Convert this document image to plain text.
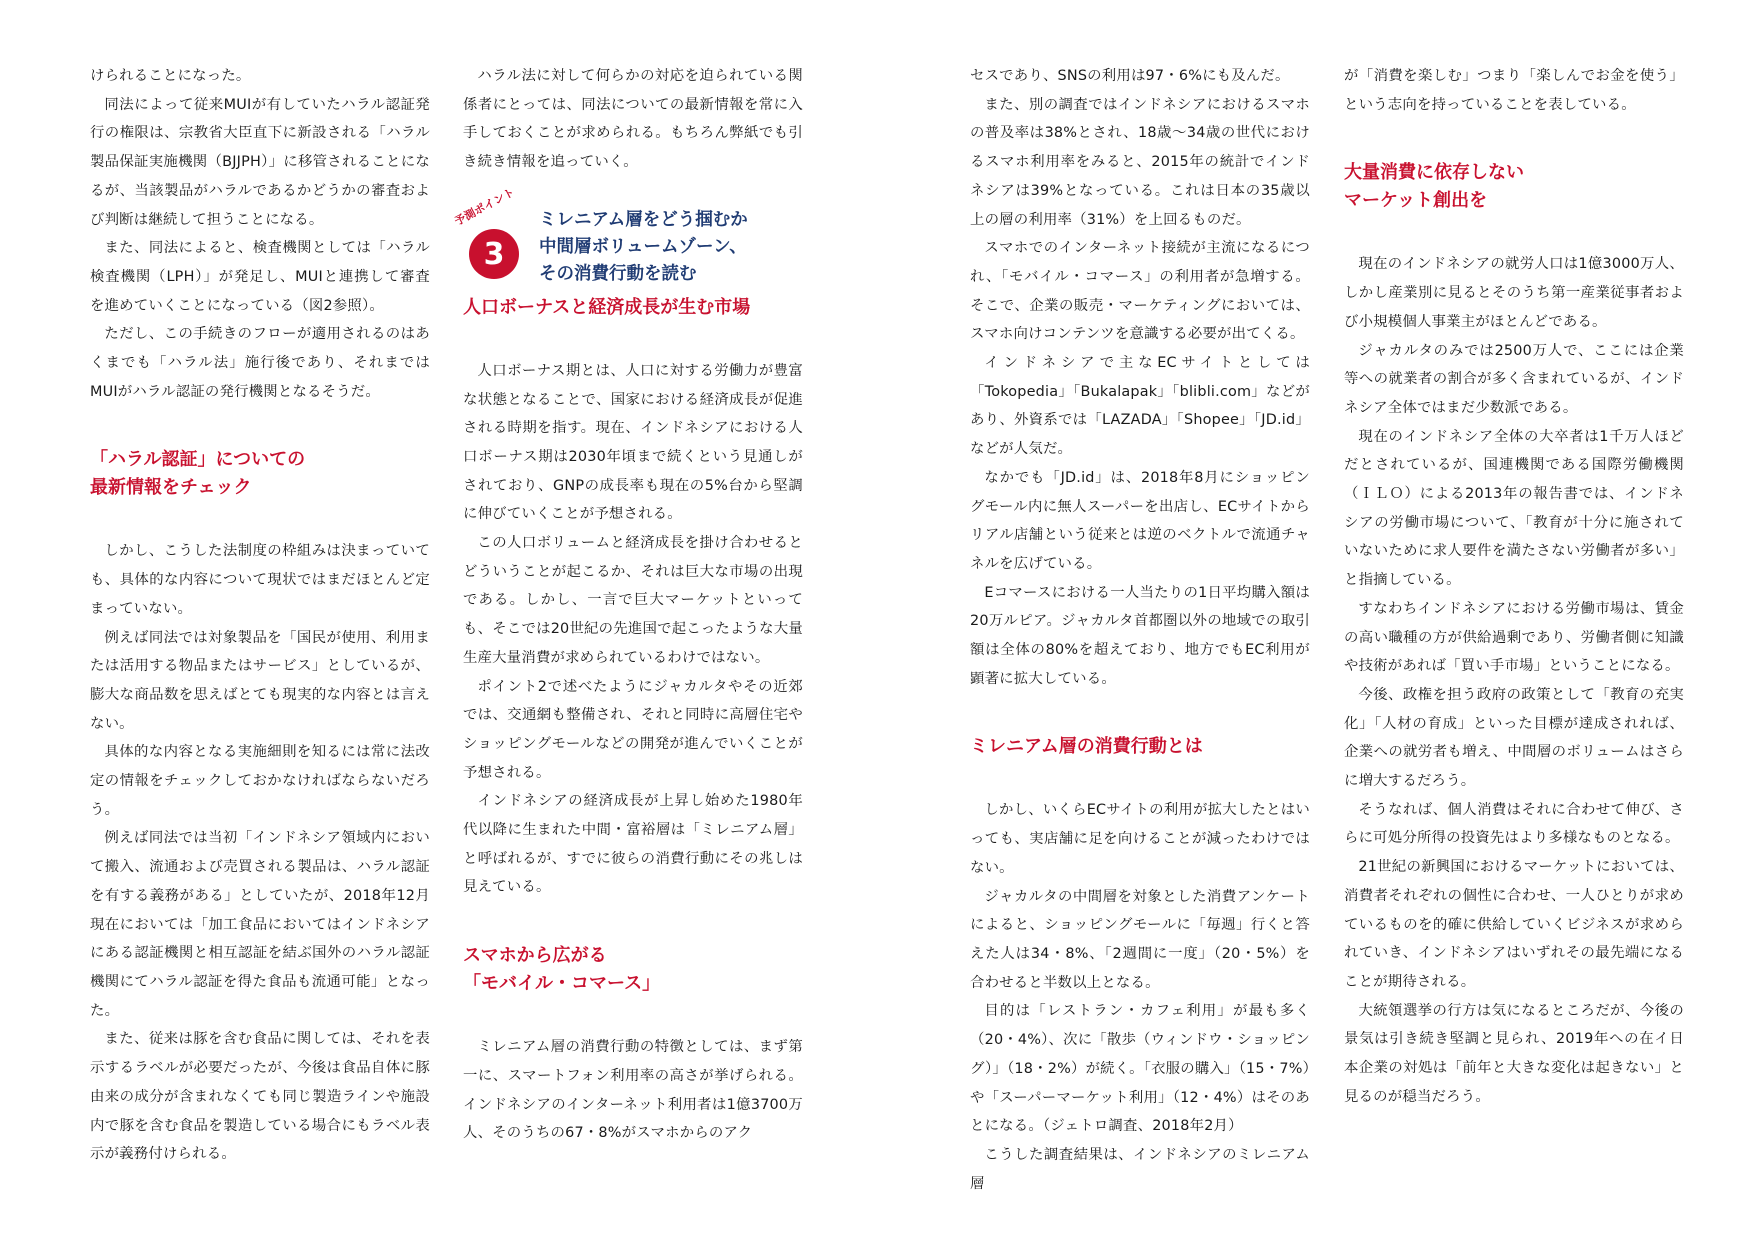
けられることになった。

同法によって従来MUIが有していたハラル認証発行の権限は、宗教省大臣直下に新設される「ハラル製品保証実施機関（BJJPH）」に移管されることになるが、当該製品がハラルであるかどうかの審査および判断は継続して担うことになる。

また、同法によると、検査機関としては「ハラル検査機関（LPH）」が発足し、MUIと連携して審査を進めていくことになっている（図2参照）。

ただし、この手続きのフローが適用されるのはあくまでも「ハラル法」施行後であり、それまではMUIがハラル認証の発行機関となるそうだ。

「ハラル認証」についての
最新情報をチェック

しかし、こうした法制度の枠組みは決まっていても、具体的な内容について現状ではまだほとんど定まっていない。

例えば同法では対象製品を「国民が使用、利用または活用する物品またはサービス」としているが、膨大な商品数を思えばとても現実的な内容とは言えない。

具体的な内容となる実施細則を知るには常に法改定の情報をチェックしておかなければならないだろう。

例えば同法では当初「インドネシア領域内において搬入、流通および売買される製品は、ハラル認証を有する義務がある」としていたが、2018年12月現在においては「加工食品においてはインドネシアにある認証機関と相互認証を結ぶ国外のハラル認証機関にてハラル認証を得た食品も流通可能」となった。

また、従来は豚を含む食品に関しては、それを表示するラベルが必要だったが、今後は食品自体に豚由来の成分が含まれなくても同じ製造ラインや施設内で豚を含む食品を製造している場合にもラベル表示が義務付けられる。

ハラル法に対して何らかの対応を迫られている関係者にとっては、同法についての最新情報を常に入手しておくことが求められる。もちろん弊紙でも引き続き情報を追っていく。

予測ポイント
3
ミレニアム層をどう掴むか
中間層ボリュームゾーン、
その消費行動を読む
人口ボーナスと経済成長が生む市場

人口ボーナス期とは、人口に対する労働力が豊富な状態となることで、国家における経済成長が促進される時期を指す。現在、インドネシアにおける人口ボーナス期は2030年頃まで続くという見通しがされており、GNPの成長率も現在の5%台から堅調に伸びていくことが予想される。

この人口ボリュームと経済成長を掛け合わせるとどういうことが起こるか、それは巨大な市場の出現である。しかし、一言で巨大マーケットといっても、そこでは20世紀の先進国で起こったような大量生産大量消費が求められているわけではない。

ポイント2で述べたようにジャカルタやその近郊では、交通網も整備され、それと同時に高層住宅やショッピングモールなどの開発が進んでいくことが予想される。

インドネシアの経済成長が上昇し始めた1980年代以降に生まれた中間・富裕層は「ミレニアム層」と呼ばれるが、すでに彼らの消費行動にその兆しは見えている。

スマホから広がる
「モバイル・コマース」

ミレニアム層の消費行動の特徴としては、まず第一に、スマートフォン利用率の高さが挙げられる。インドネシアのインターネット利用者は1億3700万人、そのうちの67・8%がスマホからのアク

セスであり、SNSの利用は97・6%にも及んだ。

また、別の調査ではインドネシアにおけるスマホの普及率は38%とされ、18歳〜34歳の世代におけるスマホ利用率をみると、2015年の統計でインドネシアは39%となっている。これは日本の35歳以上の層の利用率（31%）を上回るものだ。

スマホでのインターネット接続が主流になるにつれ、「モバイル・コマース」の利用者が急増する。そこで、企業の販売・マーケティングにおいては、スマホ向けコンテンツを意識する必要が出てくる。

インドネシアで主なECサイトとしては「Tokopedia」「Bukalapak」「blibli.com」などがあり、外資系では「LAZADA」「Shopee」「JD.id」などが人気だ。

なかでも「JD.id」は、2018年8月にショッピングモール内に無人スーパーを出店し、ECサイトからリアル店舗という従来とは逆のベクトルで流通チャネルを広げている。

Eコマースにおける一人当たりの1日平均購入額は20万ルピア。ジャカルタ首都圏以外の地域での取引額は全体の80%を超えており、地方でもEC利用が顕著に拡大している。

ミレニアム層の消費行動とは

しかし、いくらECサイトの利用が拡大したとはいっても、実店舗に足を向けることが減ったわけではない。

ジャカルタの中間層を対象とした消費アンケートによると、ショッピングモールに「毎週」行くと答えた人は34・8%、「2週間に一度」（20・5%）を合わせると半数以上となる。

目的は「レストラン・カフェ利用」が最も多く（20・4%）、次に「散歩（ウィンドウ・ショッピング）」（18・2%）が続く。「衣服の購入」（15・7%）や「スーパーマーケット利用」（12・4%）はそのあとになる。（ジェトロ調査、2018年2月）

こうした調査結果は、インドネシアのミレニアム層

が「消費を楽しむ」つまり「楽しんでお金を使う」という志向を持っていることを表している。

大量消費に依存しない
マーケット創出を

現在のインドネシアの就労人口は1億3000万人、しかし産業別に見るとそのうち第一産業従事者および小規模個人事業主がほとんどである。

ジャカルタのみでは2500万人で、ここには企業等への就業者の割合が多く含まれているが、インドネシア全体ではまだ少数派である。

現在のインドネシア全体の大卒者は1千万人ほどだとされているが、国連機関である国際労働機関（ＩＬＯ）による2013年の報告書では、インドネシアの労働市場について、「教育が十分に施されていないために求人要件を満たさない労働者が多い」と指摘している。

すなわちインドネシアにおける労働市場は、賃金の高い職種の方が供給過剰であり、労働者側に知識や技術があれば「買い手市場」ということになる。

今後、政権を担う政府の政策として「教育の充実化」「人材の育成」といった目標が達成されれば、企業への就労者も増え、中間層のボリュームはさらに増大するだろう。

そうなれば、個人消費はそれに合わせて伸び、さらに可処分所得の投資先はより多様なものとなる。

21世紀の新興国におけるマーケットにおいては、消費者それぞれの個性に合わせ、一人ひとりが求めているものを的確に供給していくビジネスが求められていき、インドネシアはいずれその最先端になることが期待される。

大統領選挙の行方は気になるところだが、今後の景気は引き続き堅調と見られ、2019年への在イ日本企業の対処は「前年と大きな変化は起きない」と見るのが穏当だろう。
